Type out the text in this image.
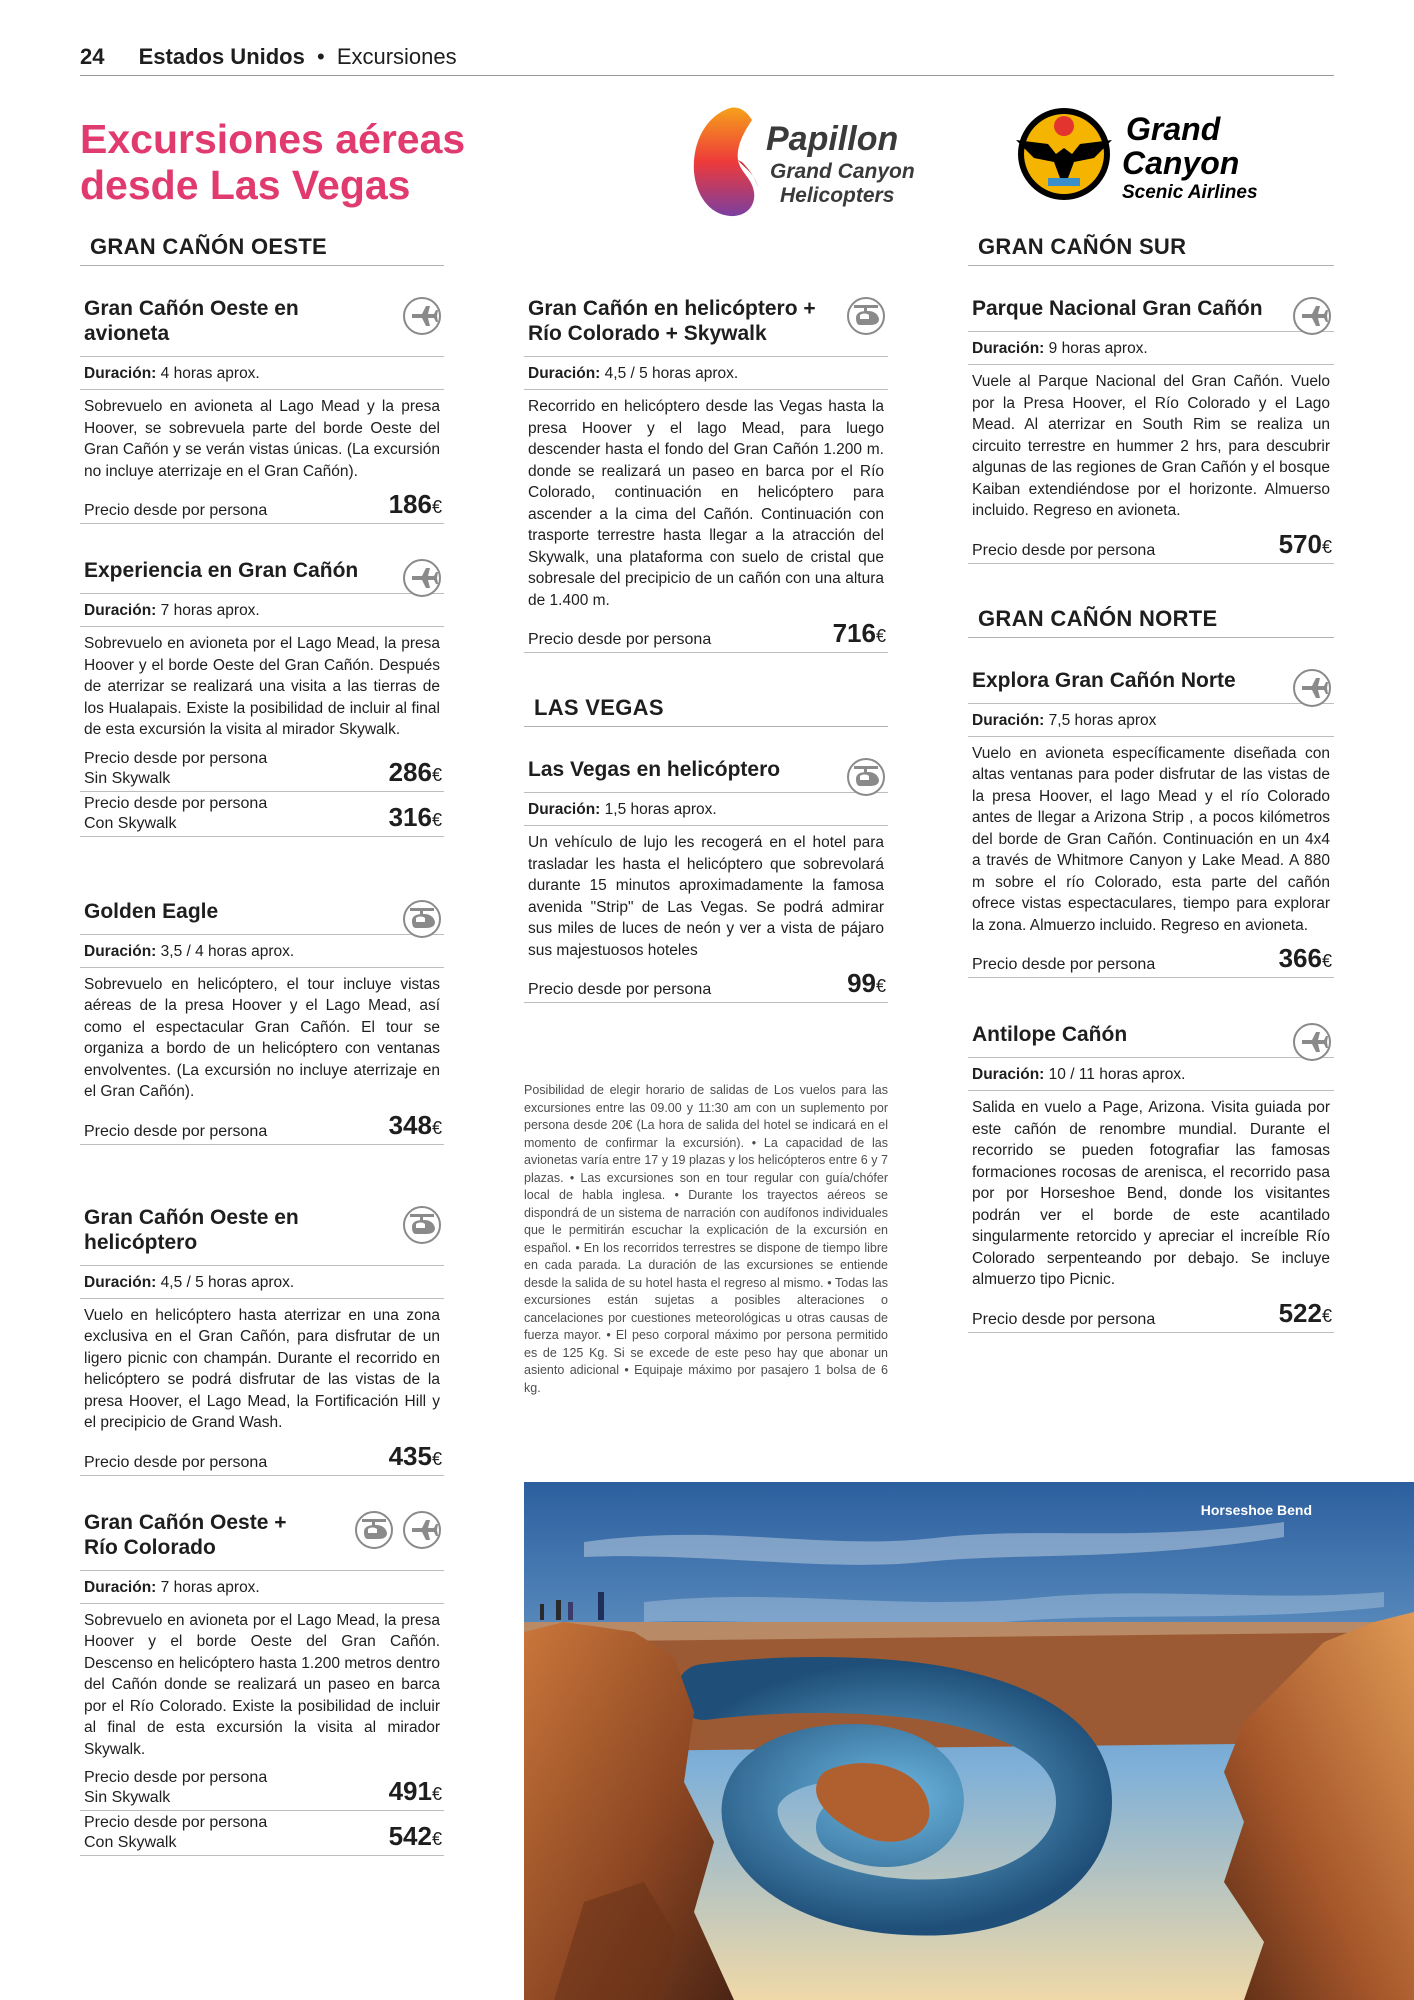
24 Estados Unidos • Excursiones
Excursiones aéreas
desde Las Vegas
Papillon
Grand Canyon
Helicopters
Grand
Canyon
Scenic Airlines
GRAN CAÑÓN OESTE
Gran Cañón Oeste en avioneta
Duración: 4 horas aprox.
Sobrevuelo en avioneta al Lago Mead y la presa Hoover, se sobrevuela parte del borde Oeste del Gran Cañón y se verán vistas únicas. (La excursión no incluye aterrizaje en el Gran Cañón).
Precio desde por persona	186€
Experiencia en Gran Cañón
Duración: 7 horas aprox.
Sobrevuelo en avioneta por el Lago Mead, la presa Hoover y el borde Oeste del Gran Cañón. Después de aterrizar se realizará una visita a las tierras de los Hualapais. Existe la posibilidad de incluir al final de esta excursión la visita al mirador Skywalk.
Precio desde por persona Sin Skywalk	286€
Precio desde por persona Con Skywalk	316€
Golden Eagle
Duración: 3,5 / 4 horas aprox.
Sobrevuelo en helicóptero, el tour incluye vistas aéreas de la presa Hoover y el Lago Mead, así como el espectacular Gran Cañón. El tour se organiza a bordo de un helicóptero con ventanas envolventes. (La excursión no incluye aterrizaje en el Gran Cañón).
Precio desde por persona	348€
Gran Cañón Oeste en helicóptero
Duración: 4,5 / 5 horas aprox.
Vuelo en helicóptero hasta aterrizar en una zona exclusiva en el Gran Cañón, para disfrutar de un ligero picnic con champán. Durante el recorrido en helicóptero se podrá disfrutar de las vistas de la presa Hoover, el Lago Mead, la Fortificación Hill y el precipicio de Grand Wash.
Precio desde por persona	435€
Gran Cañón Oeste + Río Colorado
Duración: 7 horas aprox.
Sobrevuelo en avioneta por el Lago Mead, la presa Hoover y el borde Oeste del Gran Cañón. Descenso en helicóptero hasta 1.200 metros dentro del Cañón donde se realizará un paseo en barca por el Río Colorado. Existe la posibilidad de incluir al final de esta excursión la visita al mirador Skywalk.
Precio desde por persona Sin Skywalk	491€
Precio desde por persona Con Skywalk	542€
Gran Cañón en helicóptero + Río Colorado + Skywalk
Duración: 4,5 / 5 horas aprox.
Recorrido en helicóptero desde las Vegas hasta la presa Hoover y el lago Mead, para luego descender hasta el fondo del Gran Cañón 1.200 m. donde se realizará un paseo en barca por el Río Colorado, continuación en helicóptero para ascender a la cima del Cañón. Continuación con trasporte terrestre hasta llegar a la atracción del Skywalk, una plataforma con suelo de cristal que sobresale del precipicio de un cañón con una altura de 1.400 m.
Precio desde por persona	716€
LAS VEGAS
Las Vegas en helicóptero
Duración: 1,5 horas aprox.
Un vehículo de lujo les recogerá en el hotel para trasladar les hasta el helicóptero que sobrevolará durante 15 minutos aproximadamente la famosa avenida "Strip" de Las Vegas. Se podrá admirar sus miles de luces de neón y ver a vista de pájaro sus majestuosos hoteles
Precio desde por persona	99€
Posibilidad de elegir horario de salidas de Los vuelos para las excursiones entre las 09.00 y 11:30 am con un suplemento por persona desde 20€ (La hora de salida del hotel se indicará en el momento de confirmar la excursión). • La capacidad de las avionetas varía entre 17 y 19 plazas y los helicópteros entre 6 y 7 plazas. • Las excursiones son en tour regular con guía/chófer local de habla inglesa. • Durante los trayectos aéreos se dispondrá de un sistema de narración con audífonos individuales que le permitirán escuchar la explicación de la excursión en español. • En los recorridos terrestres se dispone de tiempo libre en cada parada. La duración de las excursiones se entiende desde la salida de su hotel hasta el regreso al mismo. • Todas las excursiones están sujetas a posibles alteraciones o cancelaciones por cuestiones meteorológicas u otras causas de fuerza mayor. • El peso corporal máximo por persona permitido es de 125 Kg. Si se excede de este peso hay que abonar un asiento adicional • Equipaje máximo por pasajero 1 bolsa de 6 kg.
GRAN CAÑÓN SUR
Parque Nacional Gran Cañón
Duración: 9 horas aprox.
Vuele al Parque Nacional del Gran Cañón. Vuelo por la Presa Hoover, el Río Colorado y el Lago Mead. Al aterrizar en South Rim se realiza un circuito terrestre en hummer 2 hrs, para descubrir algunas de las regiones de Gran Cañón y el bosque Kaiban extendiéndose por el horizonte. Almuerso incluido. Regreso en avioneta.
Precio desde por persona	570€
GRAN CAÑÓN NORTE
Explora Gran Cañón Norte
Duración: 7,5 horas aprox
Vuelo en avioneta específicamente diseñada con altas ventanas para poder disfrutar de las vistas de la presa Hoover, el lago Mead y el río Colorado antes de llegar a Arizona Strip , a pocos kilómetros del borde de Gran Cañón. Continuación en un 4x4 a través de Whitmore Canyon y Lake Mead. A 880 m sobre el río Colorado, esta parte del cañón ofrece vistas espectaculares, tiempo para explorar la zona. Almuerzo incluido. Regreso en avioneta.
Precio desde por persona	366€
Antilope Cañón
Duración: 10 / 11 horas aprox.
Salida en vuelo a Page, Arizona. Visita guiada por este cañón de renombre mundial. Durante el recorrido se pueden fotografiar las famosas formaciones rocosas de arenisca, el recorrido pasa por por Horseshoe Bend, donde los visitantes podrán ver el borde de este acantilado singularmente retorcido y apreciar el increíble Río Colorado serpenteando por debajo. Se incluye almuerzo tipo Picnic.
Precio desde por persona	522€
Horseshoe Bend
